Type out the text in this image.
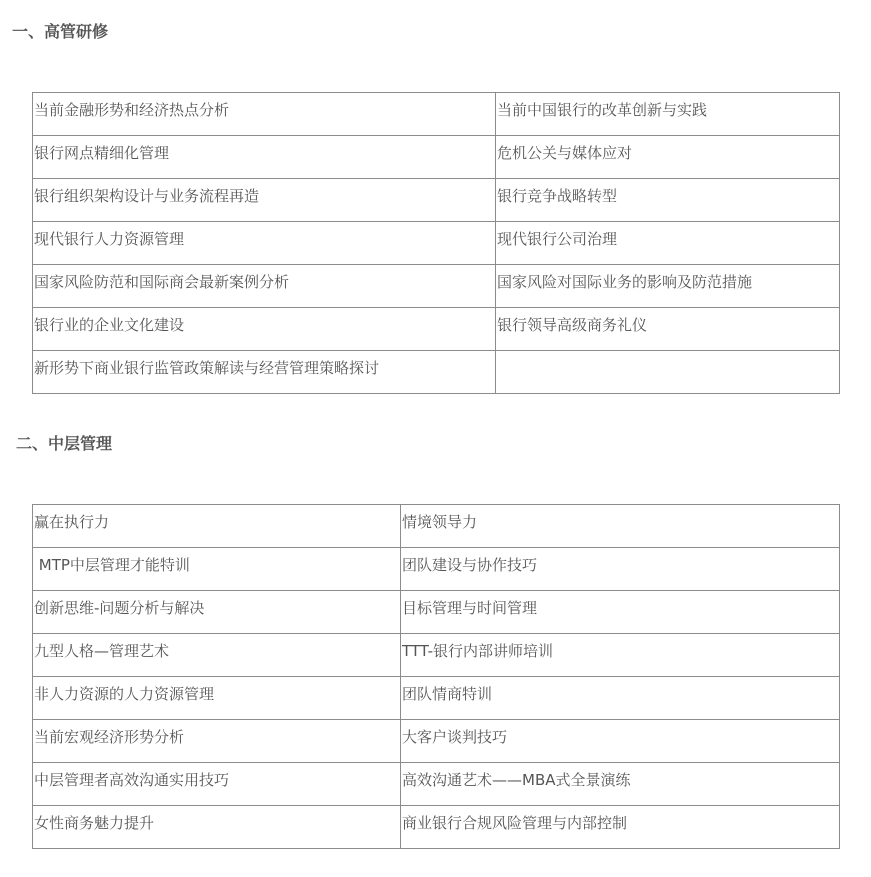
一、高管研修
当前金融形势和经济热点分析	当前中国银行的改革创新与实践

银行网点精细化管理	危机公关与媒体应对

银行组织架构设计与业务流程再造	银行竞争战略转型

现代银行人力资源管理	现代银行公司治理

国家风险防范和国际商会最新案例分析	国家风险对国际业务的影响及防范措施

银行业的企业文化建设	银行领导高级商务礼仪

新形势下商业银行监管政策解读与经营管理策略探讨	

二、中层管理
赢在执行力	情境领导力

MTP中层管理才能特训	团队建设与协作技巧

创新思维-问题分析与解决	目标管理与时间管理

九型人格—管理艺术	TTT-银行内部讲师培训

非人力资源的人力资源管理	团队情商特训

当前宏观经济形势分析	大客户谈判技巧

中层管理者高效沟通实用技巧	高效沟通艺术——MBA式全景演练

女性商务魅力提升	商业银行合规风险管理与内部控制
